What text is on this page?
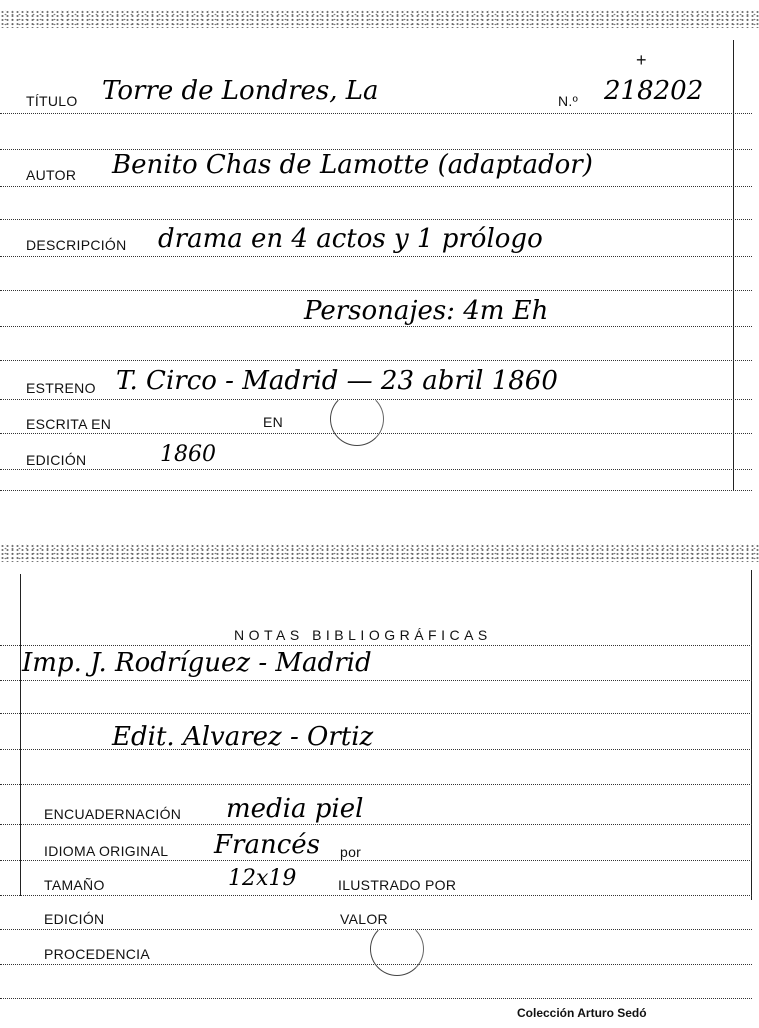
+
TÍTULO Torre de Londres, La	N.º 218202
AUTOR Benito Chas de Lamotte (adaptador)
DESCRIPCIÓN drama en 4 actos y 1 prólogo
Personajes: 4m Eh
ESTRENO T. Circo - Madrid — 23 abril 1860
ESCRITA EN	EN
EDICIÓN	1860
NOTAS BIBLIOGRÁFICAS
Imp. J. Rodríguez - Madrid
Edit. Alvarez - Ortiz
ENCUADERNACIÓN media piel
IDIOMA ORIGINAL Francés por
TAMAÑO	12x19	ILUSTRADO POR
EDICIÓN	VALOR
PROCEDENCIA
Colección Arturo Sedó
